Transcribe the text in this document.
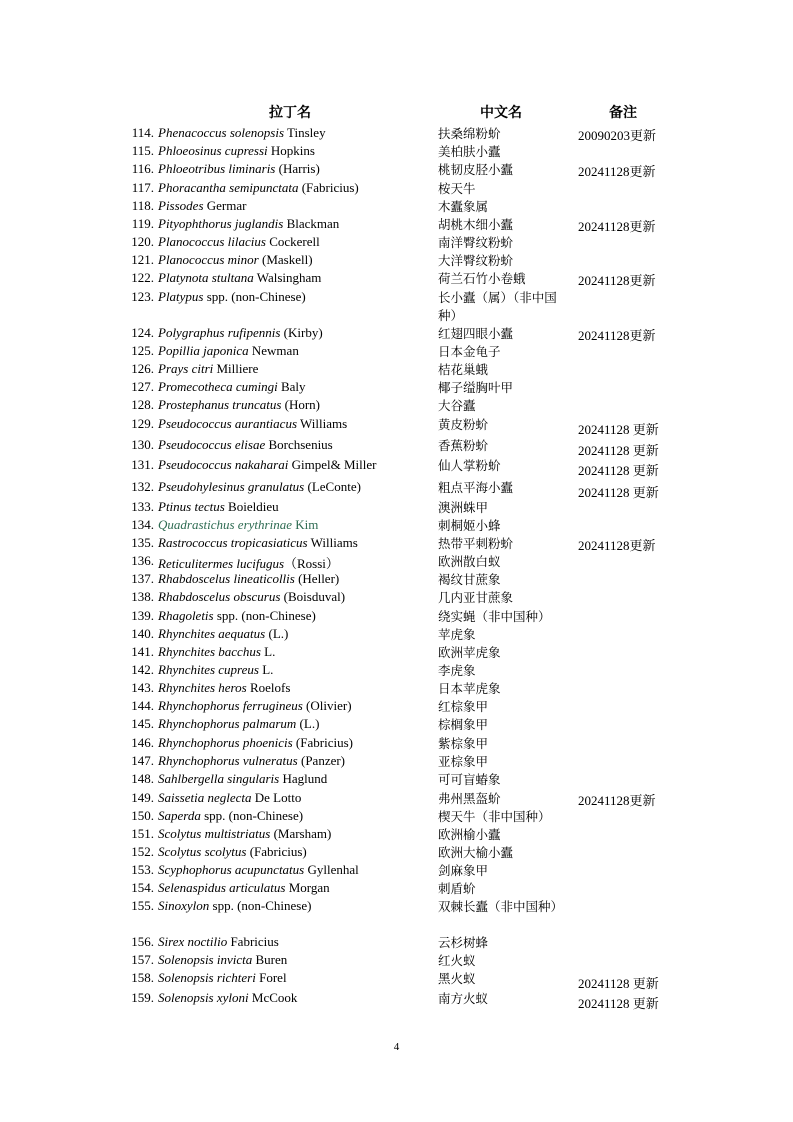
拉丁名	中文名	备注
114. Phenacoccus solenopsis Tinsley	扶桑绵粉蚧	20090203更新
115. Phloeosinus cupressi Hopkins	美柏肤小蠹
116. Phloeotribus liminaris (Harris)	桃韧皮胫小蠹	20241128更新
117. Phoracantha semipunctata (Fabricius)	桉天牛
118. Pissodes Germar	木蠹象属
119. Pityophthorus juglandis Blackman	胡桃木细小蠹	20241128更新
120. Planococcus lilacius Cockerell	南洋臀纹粉蚧
121. Planococcus minor (Maskell)	大洋臀纹粉蚧
122. Platynota stultana Walsingham	荷兰石竹小卷蛾	20241128更新
123. Platypus spp. (non-Chinese)	长小蠹（属）（非中国种）
124. Polygraphus rufipennis (Kirby)	红翅四眼小蠹	20241128更新
125. Popillia japonica Newman	日本金龟子
126. Prays citri Milliere	桔花巢蛾
127. Promecotheca cumingi Baly	椰子缢胸叶甲
128. Prostephanus truncatus (Horn)	大谷蠹
129. Pseudococcus aurantiacus Williams	黄皮粉蚧	20241128 更新
130. Pseudococcus elisae Borchsenius	香蕉粉蚧	20241128 更新
131. Pseudococcus nakaharai Gimpel& Miller	仙人掌粉蚧	20241128 更新
132. Pseudohylesinus granulatus (LeConte)	粗点平海小蠹	20241128 更新
133. Ptinus tectus Boieldieu	澳洲蛛甲
134. Quadrastichus erythrinae Kim	刺桐姬小蜂
135. Rastrococcus tropicasiaticus Williams	热带平刺粉蚧	20241128更新
136. Reticulitermes lucifugus（Rossi）	欧洲散白蚁
137. Rhabdoscelus lineaticollis (Heller)	褐纹甘蔗象
138. Rhabdoscelus obscurus (Boisduval)	几内亚甘蔗象
139. Rhagoletis spp. (non-Chinese)	绕实蝇（非中国种）
140. Rhynchites aequatus (L.)	苹虎象
141. Rhynchites bacchus L.	欧洲苹虎象
142. Rhynchites cupreus L.	李虎象
143. Rhynchites heros Roelofs	日本苹虎象
144. Rhynchophorus ferrugineus (Olivier)	红棕象甲
145. Rhynchophorus palmarum (L.)	棕榈象甲
146. Rhynchophorus phoenicis (Fabricius)	紫棕象甲
147. Rhynchophorus vulneratus (Panzer)	亚棕象甲
148. Sahlbergella singularis Haglund	可可盲蝽象
149. Saissetia neglecta De Lotto	弗州黑盔蚧	20241128更新
150. Saperda spp. (non-Chinese)	楔天牛（非中国种）
151. Scolytus multistriatus (Marsham)	欧洲榆小蠹
152. Scolytus scolytus (Fabricius)	欧洲大榆小蠹
153. Scyphophorus acupunctatus Gyllenhal	剑麻象甲
154. Selenaspidus articulatus Morgan	刺盾蚧
155. Sinoxylon spp. (non-Chinese)	双棘长蠹（非中国种）
156. Sirex noctilio Fabricius	云杉树蜂
157. Solenopsis invicta Buren	红火蚁
158. Solenopsis richteri Forel	黑火蚁	20241128 更新
159. Solenopsis xyloni McCook	南方火蚁	20241128 更新
4
